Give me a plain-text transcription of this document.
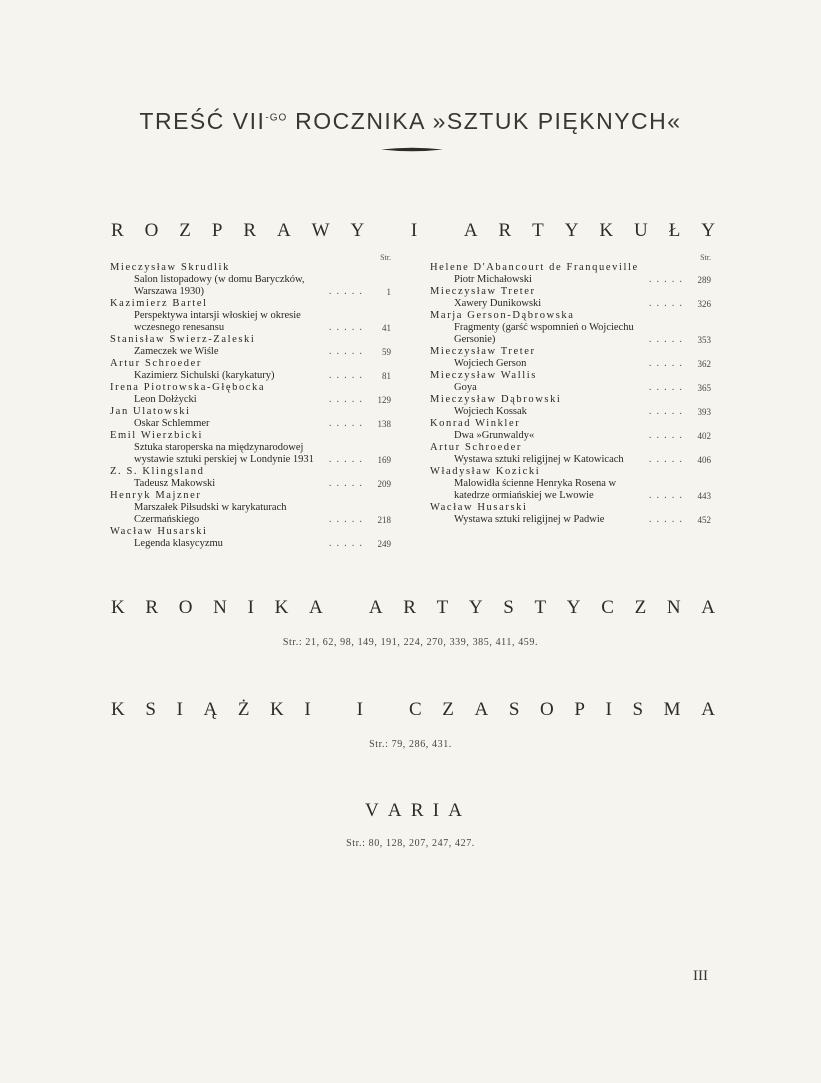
TREŚĆ $VII^{-GO}$ ROCZNIKA »SZTUK PIĘKNYCH«
R O Z P R A W Y
I
A R T Y K U Ł Y
Str.
Mieczysław Skrudlik
Salon listopadowy (w domu Baryczków, Warszawa 1930)	.....	1
Kazimierz Bartel
Perspektywa intarsji włoskiej w okresie wczesnego renesansu	.....	41
Stanisław Swierz-Zaleski
Zameczek we Wiśle	.....	59
Artur Schroeder
Kazimierz Sichulski (karykatury)	.....	81
Irena Piotrowska-Głębocka
Leon Dołżycki	.....	129
Jan Ulatowski
Oskar Schlemmer	.....	138
Emil Wierzbicki
Sztuka staroperska na międzynarodowej wystawie sztuki perskiej w Londynie 1931	.....	169
Z. S. Klingsland
Tadeusz Makowski	.....	209
Henryk Majzner
Marszałek Piłsudski w karykaturach Czermańskiego	.....	218
Wacław Husarski
Legenda klasycyzmu	.....	249
Str.
Helene D'Abancourt de Franqueville
Piotr Michałowski	.....	289
Mieczysław Treter
Xawery Dunikowski	.....	326
Marja Gerson-Dąbrowska
Fragmenty (garść wspomnień o Wojciechu Gersonie)	.....	353
Mieczysław Treter
Wojciech Gerson	.....	362
Mieczysław Wallis
Goya	.....	365
Mieczysław Dąbrowski
Wojciech Kossak	.....	393
Konrad Winkler
Dwa »Grunwaldy«	.....	402
Artur Schroeder
Wystawa sztuki religijnej w Katowicach	.....	406
Władysław Kozicki
Malowidła ścienne Henryka Rosena w katedrze ormiańskiej we Lwowie	.....	443
Wacław Husarski
Wystawa sztuki religijnej w Padwie	.....	452
K R O N I K A
A R T Y S T Y C Z N A
Str.: 21, 62, 98, 149, 191, 224, 270, 339, 385, 411, 459.
K S I Ą Ż K I
I
C Z A S O P I S M A
Str.: 79, 286, 431.
V A R I A
Str.: 80, 128, 207, 247, 427.
III
